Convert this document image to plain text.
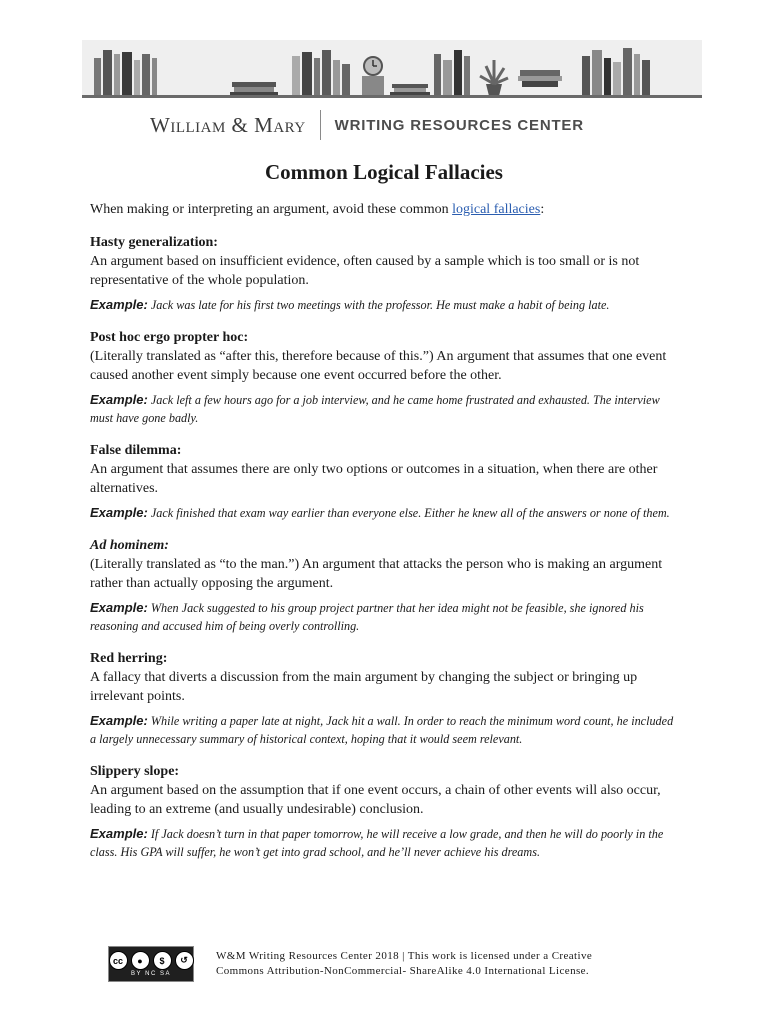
William & Mary WRITING RESOURCES CENTER
Common Logical Fallacies

When making or interpreting an argument, avoid these common logical fallacies:

Hasty generalization:

An argument based on insufficient evidence, often caused by a sample which is too small or is not representative of the whole population.

Example: Jack was late for his first two meetings with the professor. He must make a habit of being late.

Post hoc ergo propter hoc:

(Literally translated as “after this, therefore because of this.”) An argument that assumes that one event caused another event simply because one event occurred before the other.

Example: Jack left a few hours ago for a job interview, and he came home frustrated and exhausted. The interview must have gone badly.

False dilemma:

An argument that assumes there are only two options or outcomes in a situation, when there are other alternatives.

Example: Jack finished that exam way earlier than everyone else. Either he knew all of the answers or none of them.

Ad hominem:

(Literally translated as “to the man.”) An argument that attacks the person who is making an argument rather than actually opposing the argument.

Example: When Jack suggested to his group project partner that her idea might not be feasible, she ignored his reasoning and accused him of being overly controlling.

Red herring:

A fallacy that diverts a discussion from the main argument by changing the subject or bringing up irrelevant points.

Example: While writing a paper late at night, Jack hit a wall. In order to reach the minimum word count, he included a largely unnecessary summary of historical context, hoping that it would seem relevant.

Slippery slope:

An argument based on the assumption that if one event occurs, a chain of other events will also occur, leading to an extreme (and usually undesirable) conclusion.

Example: If Jack doesn’t turn in that paper tomorrow, he will receive a low grade, and then he will do poorly in the class. His GPA will suffer, he won’t get into grad school, and he’ll never achieve his dreams.

cc	●	$	↺
BY NC SA
W&M Writing Resources Center 2018 | This work is licensed under a Creative
Commons Attribution-NonCommercial- ShareAlike 4.0 International License.
